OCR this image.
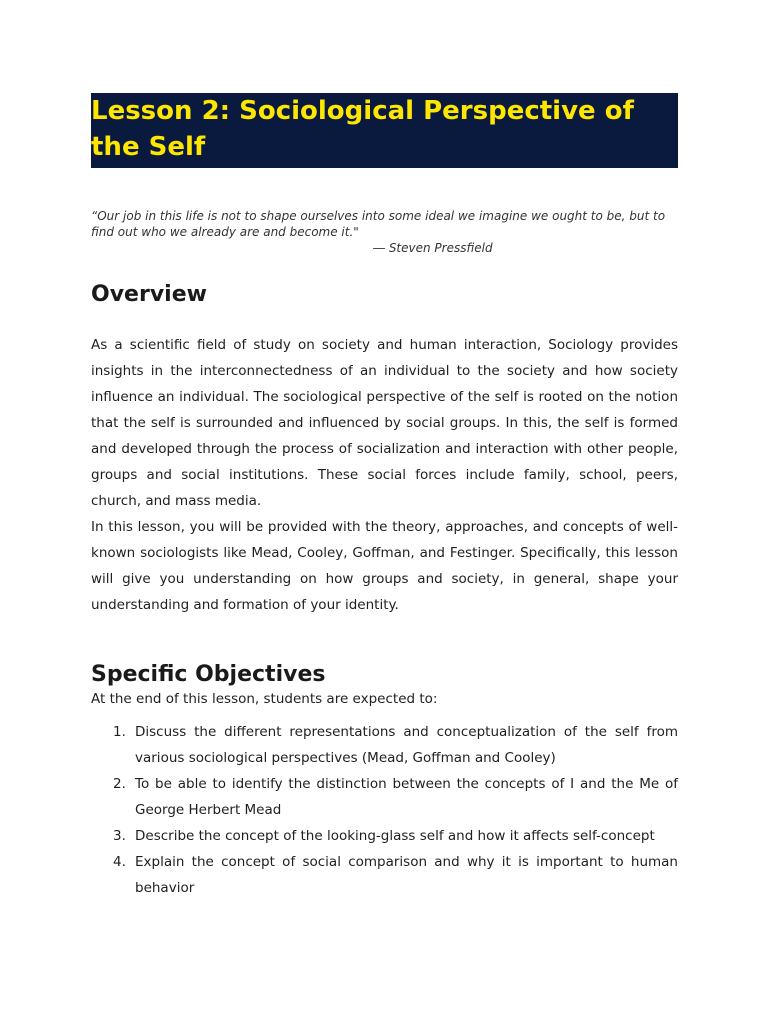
Lesson 2: Sociological Perspective of the Self
“Our job in this life is not to shape ourselves into some ideal we imagine we ought to be, but to find out who we already are and become it."
― Steven Pressfield
Overview

As a scientific field of study on society and human interaction, Sociology provides insights in the interconnectedness of an individual to the society and how society influence an individual. The sociological perspective of the self is rooted on the notion that the self is surrounded and influenced by social groups. In this, the self is formed and developed through the process of socialization and interaction with other people, groups and social institutions. These social forces include family, school, peers, church, and mass media.

In this lesson, you will be provided with the theory, approaches, and concepts of well-known sociologists like Mead, Cooley, Goffman, and Festinger. Specifically, this lesson will give you understanding on how groups and society, in general, shape your understanding and formation of your identity.

Specific Objectives

At the end of this lesson, students are expected to:

1. Discuss the different representations and conceptualization of the self from various sociological perspectives (Mead, Goffman and Cooley)
2. To be able to identify the distinction between the concepts of I and the Me of George Herbert Mead
3. Describe the concept of the looking-glass self and how it affects self-concept
4. Explain the concept of social comparison and why it is important to human behavior
